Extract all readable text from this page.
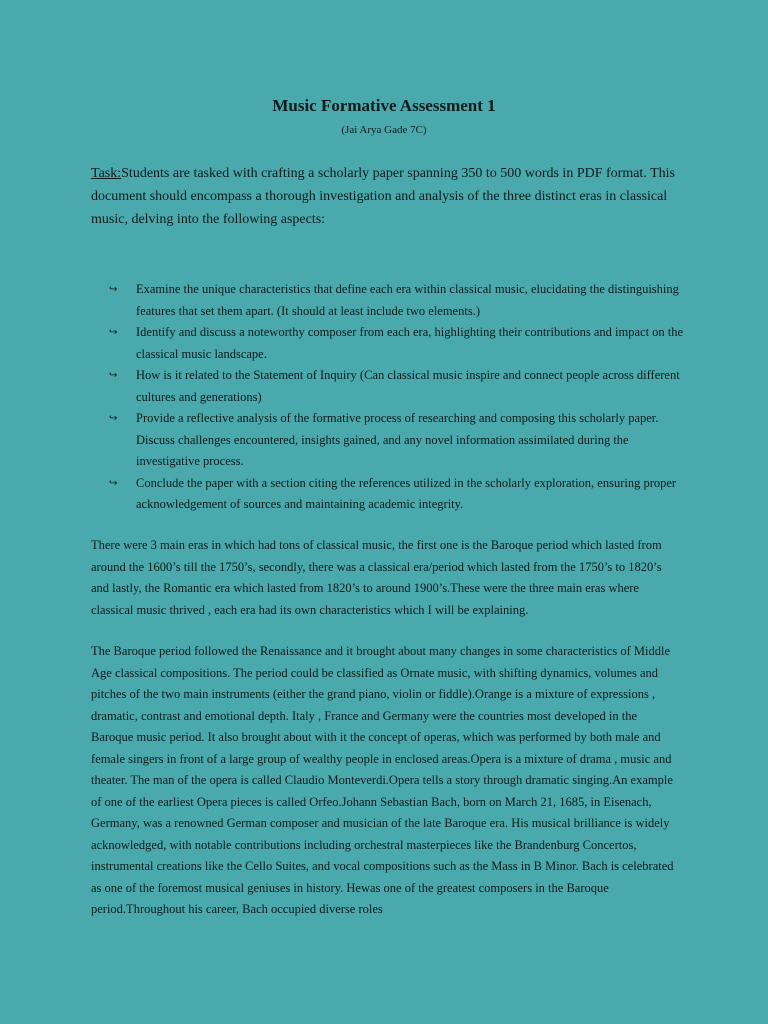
Music Formative Assessment 1
(Jai Arya Gade 7C)

Task:Students are tasked with crafting a scholarly paper spanning 350 to 500 words in PDF format. This document should encompass a thorough investigation and analysis of the three distinct eras in classical music, delving into the following aspects:

↪ Examine the unique characteristics that define each era within classical music, elucidating the distinguishing features that set them apart. (It should at least include two elements.)
↪ Identify and discuss a noteworthy composer from each era, highlighting their contributions and impact on the classical music landscape.
↪ How is it related to the Statement of Inquiry (Can classical music inspire and connect people across different cultures and generations)
↪ Provide a reflective analysis of the formative process of researching and composing this scholarly paper. Discuss challenges encountered, insights gained, and any novel information assimilated during the investigative process.
↪ Conclude the paper with a section citing the references utilized in the scholarly exploration, ensuring proper acknowledgement of sources and maintaining academic integrity.

There were 3 main eras in which had tons of classical music, the first one is the Baroque period which lasted from around the 1600’s till the 1750’s, secondly, there was a classical era/period which lasted from the 1750’s to 1820’s and lastly, the Romantic era which lasted from 1820’s to around 1900’s.These were the three main eras where classical music thrived , each era had its own characteristics which I will be explaining.

The Baroque period followed the Renaissance and it brought about many changes in some characteristics of Middle Age classical compositions. The period could be classified as Ornate music, with shifting dynamics, volumes and pitches of the two main instruments (either the grand piano, violin or fiddle).Orange is a mixture of expressions , dramatic, contrast and emotional depth. Italy , France and Germany were the countries most developed in the Baroque music period. It also brought about with it the concept of operas, which was performed by both male and female singers in front of a large group of wealthy people in enclosed areas.Opera is a mixture of drama , music and theater. The man of the opera is called Claudio Monteverdi.Opera tells a story through dramatic singing.An example of one of the earliest Opera pieces is called Orfeo.Johann Sebastian Bach, born on March 21, 1685, in Eisenach, Germany, was a renowned German composer and musician of the late Baroque era. His musical brilliance is widely acknowledged, with notable contributions including orchestral masterpieces like the Brandenburg Concertos, instrumental creations like the Cello Suites, and vocal compositions such as the Mass in B Minor. Bach is celebrated as one of the foremost musical geniuses in history. Hewas one of the greatest composers in the Baroque period.Throughout his career, Bach occupied diverse roles
